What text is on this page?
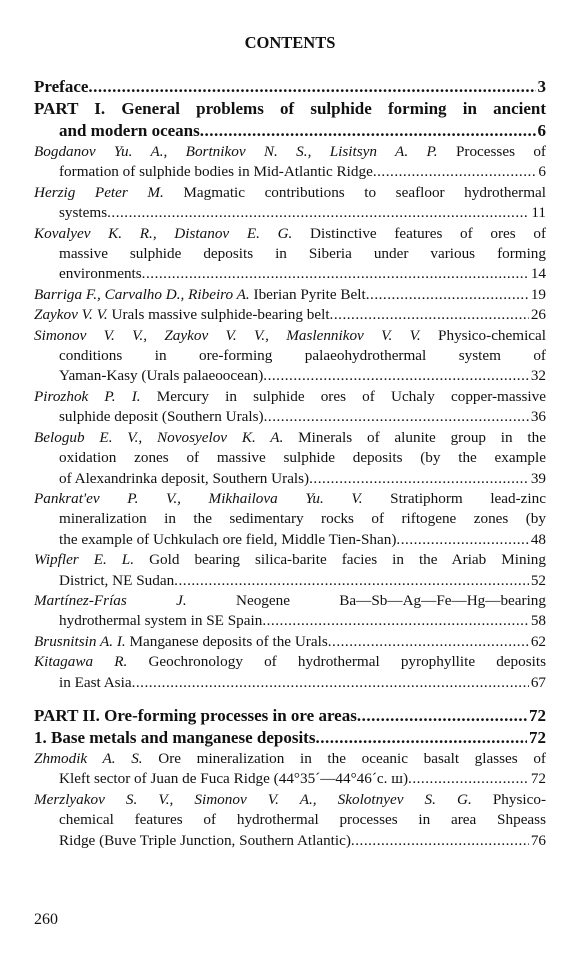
CONTENTS
Preface .....	3
PART I. General problems of sulphide forming in ancient
and modern oceans .....	6
Bogdanov Yu. A., Bortnikov N. S., Lisitsyn A. P. Processes of
formation of sulphide bodies in Mid-Atlantic Ridge .....	6
Herzig Peter M. Magmatic contributions to seafloor hydrothermal
systems .....	11
Kovalyev K. R., Distanov E. G. Distinctive features of ores of
massive sulphide deposits in Siberia under various forming
environments .....	14
Barriga F., Carvalho D., Ribeiro A. Iberian Pyrite Belt .....	19
Zaykov V. V. Urals massive sulphide-bearing belt .....	26
Simonov V. V., Zaykov V. V., Maslennikov V. V. Physico-chemical
conditions in ore-forming palaeohydrothermal system of
Yaman-Kasy (Urals palaeoocean) .....	32
Pirozhok P. I. Mercury in sulphide ores of Uchaly copper-massive
sulphide deposit (Southern Urals) .....	36
Belogub E. V., Novosyelov K. A. Minerals of alunite group in the
oxidation zones of massive sulphide deposits (by the example
of Alexandrinka deposit, Southern Urals) .....	39
Pankrat'ev P. V., Mikhailova Yu. V. Stratiphorm lead-zinc
mineralization in the sedimentary rocks of riftogene zones (by
the example of Uchkulach ore field, Middle Tien-Shan) .....	48
Wipfler E. L. Gold bearing silica-barite facies in the Ariab Mining
District, NE Sudan .....	52
Martínez-Frías J. Neogene Ba—Sb—Ag—Fe—Hg—bearing
hydrothermal system in SE Spain .....	58
Brusnitsin A. I. Manganese deposits of the Urals .....	62
Kitagawa R. Geochronology of hydrothermal pyrophyllite deposits
in East Asia .....	67
PART II. Ore-forming processes in ore areas .....	72
1. Base metals and manganese deposits .....	72
Zhmodik A. S. Ore mineralization in the oceanic basalt glasses of
Kleft sector of Juan de Fuca Ridge (44°35´—44°46´c. ш) .....	72
Merzlyakov S. V., Simonov V. A., Skolotnyev S. G. Physico-
chemical features of hydrothermal processes in area Shpeass
Ridge (Buve Triple Junction, Southern Atlantic) .....	76
260
